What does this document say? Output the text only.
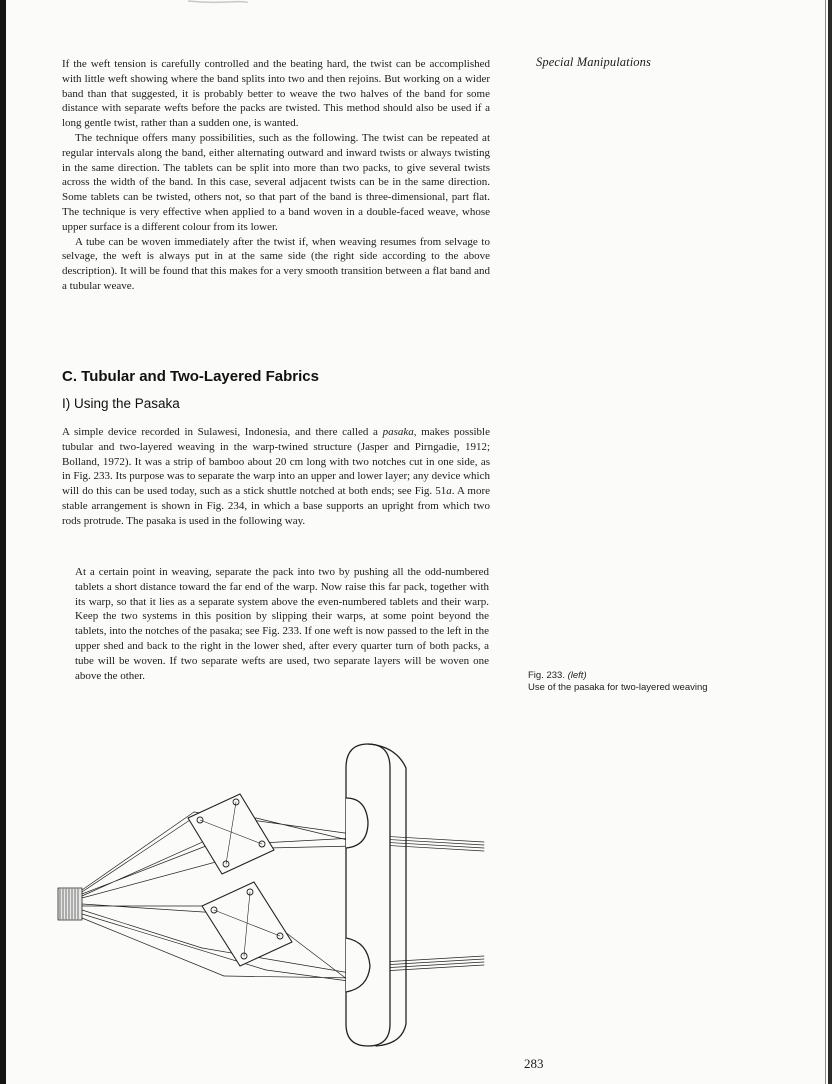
Special Manipulations

If the weft tension is carefully controlled and the beating hard, the twist can be accomplished with little weft showing where the band splits into two and then rejoins. But working on a wider band than that suggested, it is probably better to weave the two halves of the band for some distance with separate wefts before the packs are twisted. This method should also be used if a long gentle twist, rather than a sudden one, is wanted.

The technique offers many possibilities, such as the following. The twist can be repeated at regular intervals along the band, either alternating outward and inward twists or always twisting in the same direction. The tablets can be split into more than two packs, to give several twists across the width of the band. In this case, several adjacent twists can be in the same direction. Some tablets can be twisted, others not, so that part of the band is three-dimensional, part flat. The technique is very effective when applied to a band woven in a double-faced weave, whose upper surface is a different colour from its lower.

A tube can be woven immediately after the twist if, when weaving resumes from selvage to selvage, the weft is always put in at the same side (the right side according to the above description). It will be found that this makes for a very smooth transition between a flat band and a tubular weave.

C. Tubular and Two-Layered Fabrics
I) Using the Pasaka

A simple device recorded in Sulawesi, Indonesia, and there called a pasaka, makes possible tubular and two-layered weaving in the warp-twined structure (Jasper and Pirngadie, 1912; Bolland, 1972). It was a strip of bamboo about 20 cm long with two notches cut in one side, as in Fig. 233. Its purpose was to separate the warp into an upper and lower layer; any device which will do this can be used today, such as a stick shuttle notched at both ends; see Fig. 51a. A more stable arrangement is shown in Fig. 234, in which a base supports an upright from which two rods protrude. The pasaka is used in the following way.

At a certain point in weaving, separate the pack into two by pushing all the odd-numbered tablets a short distance toward the far end of the warp. Now raise this far pack, together with its warp, so that it lies as a separate system above the even-numbered tablets and their warp. Keep the two systems in this position by slipping their warps, at some point beyond the tablets, into the notches of the pasaka; see Fig. 233. If one weft is now passed to the left in the upper shed and back to the right in the lower shed, after every quarter turn of both packs, a tube will be woven. If two separate wefts are used, two separate layers will be woven one above the other.	Fig. 233. (left)
Use of the pasaka for two-layered weaving
283
